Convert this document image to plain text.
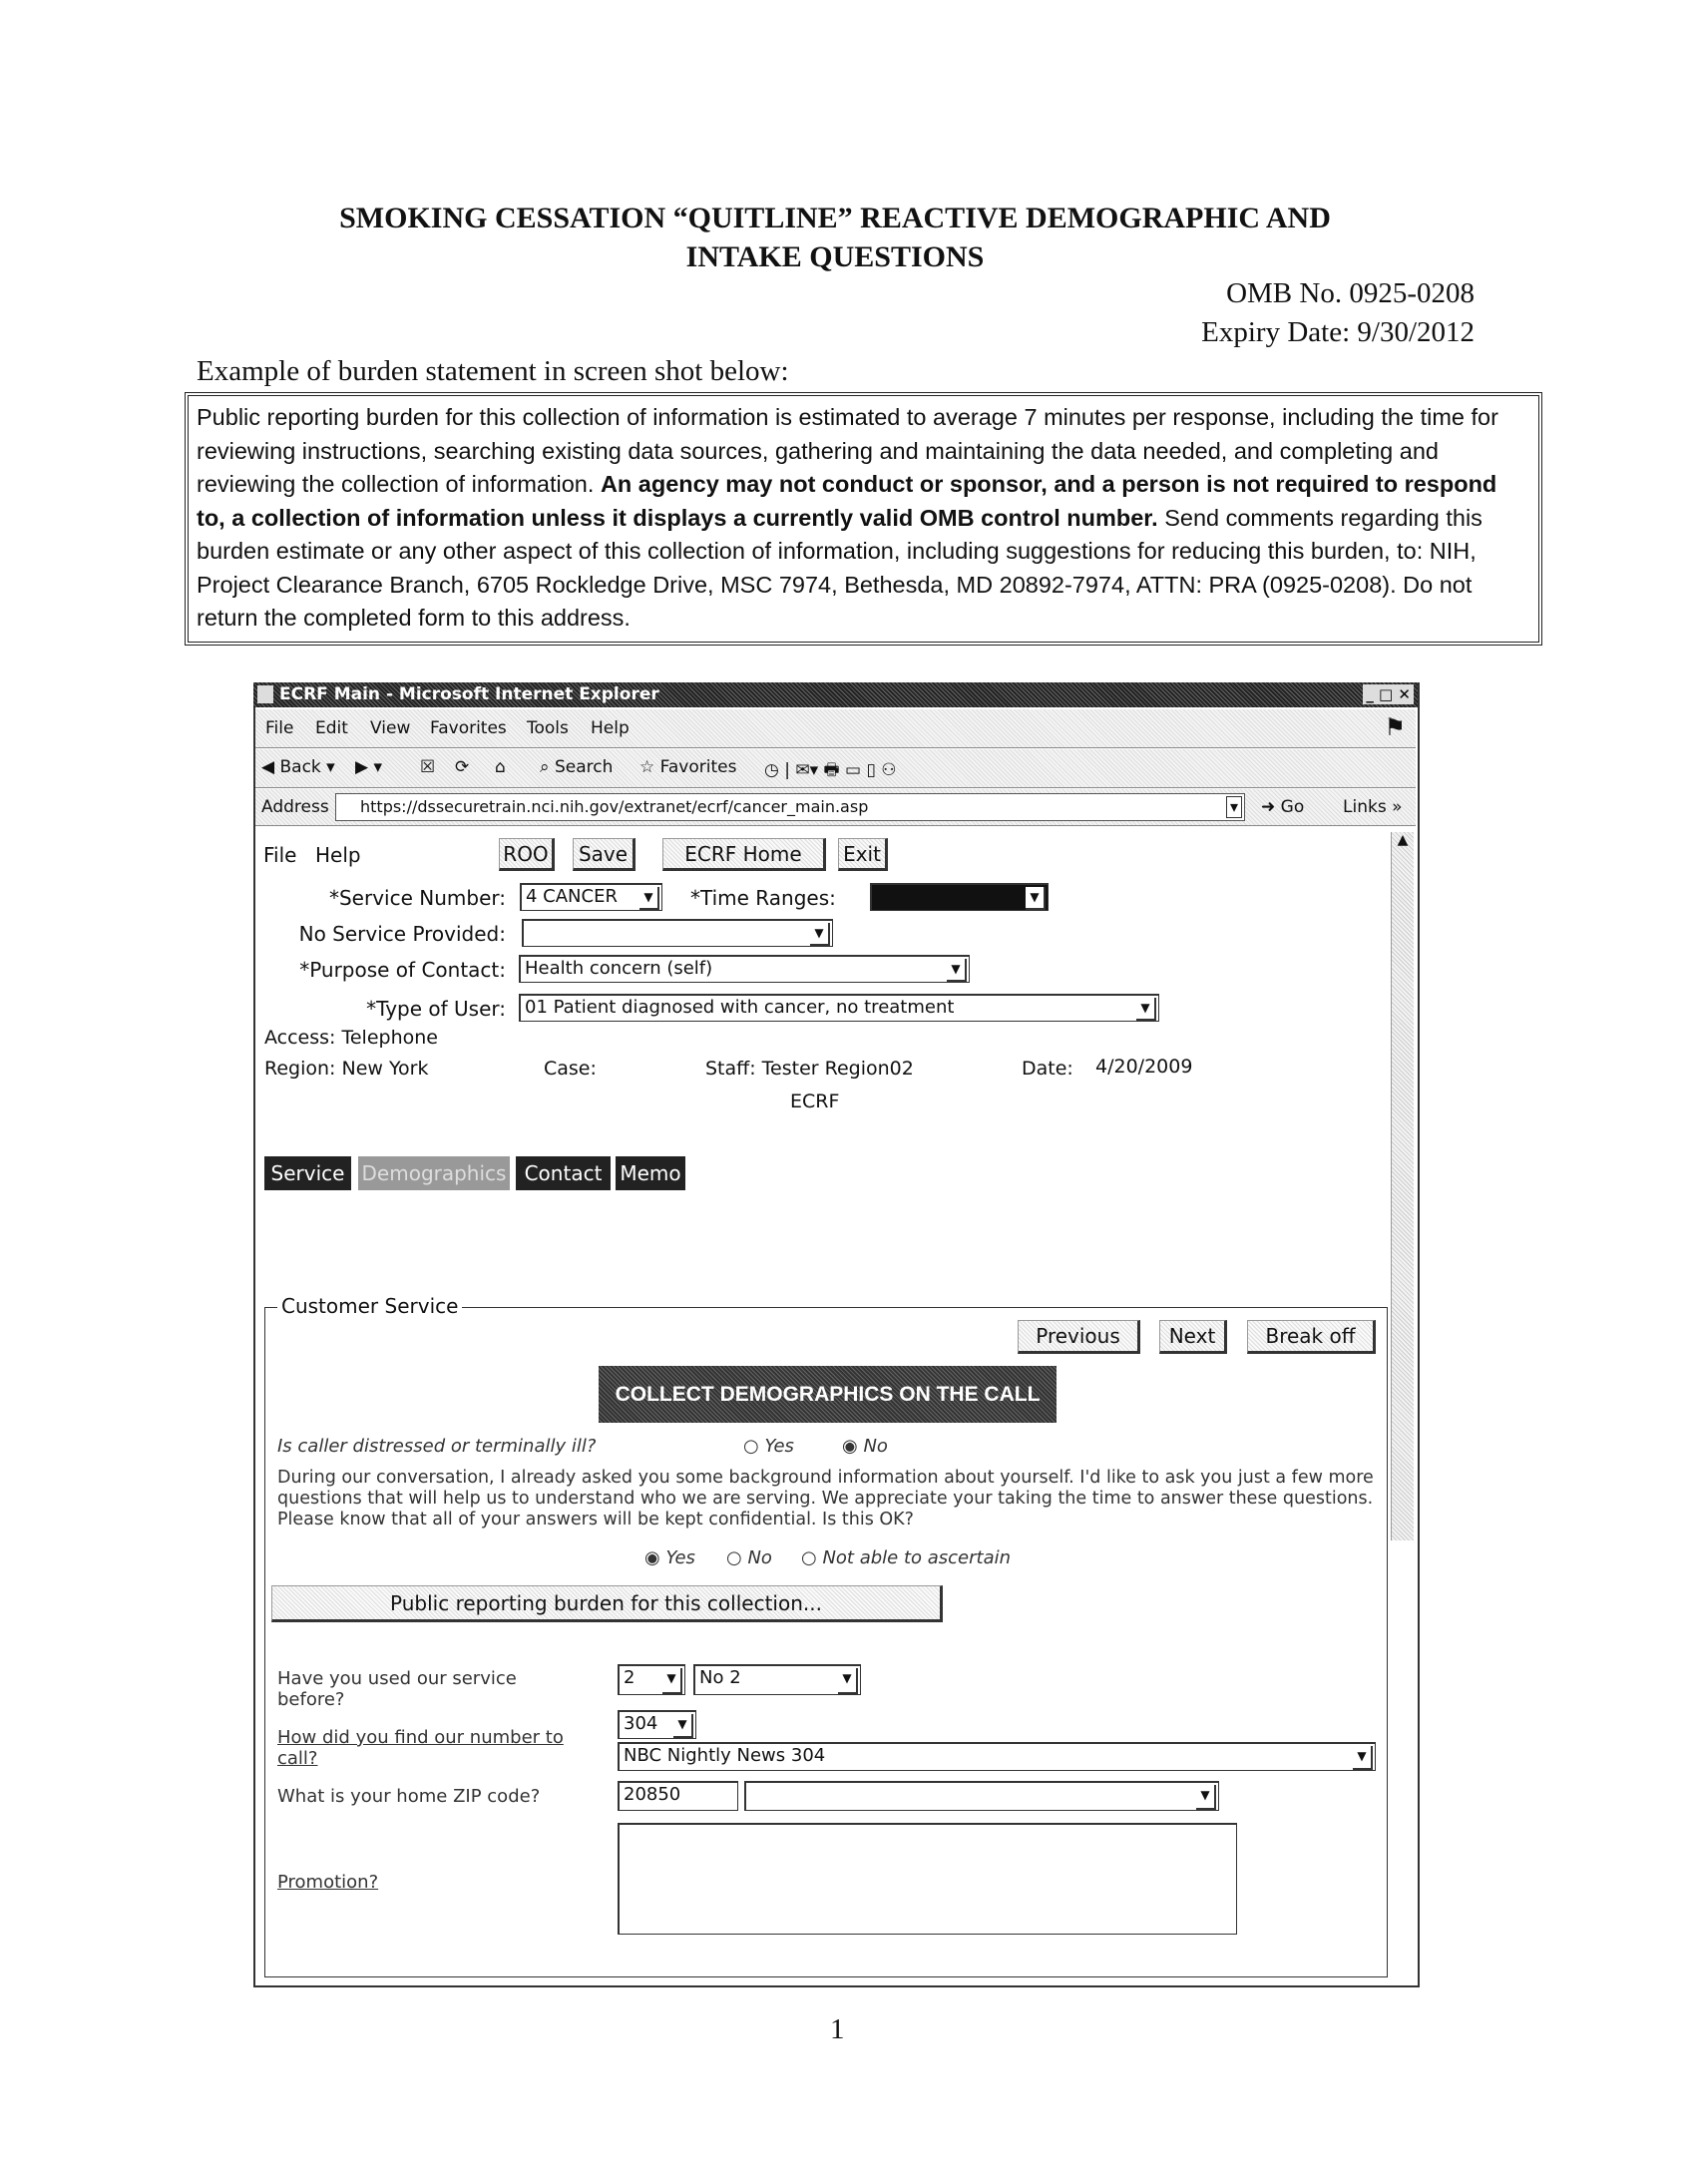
SMOKING CESSATION “QUITLINE” REACTIVE DEMOGRAPHIC AND
INTAKE QUESTIONS
OMB No. 0925-0208
Expiry Date: 9/30/2012
Example of burden statement in screen shot below:
Public reporting burden for this collection of information is estimated to average 7 minutes per response, including the time for reviewing instructions, searching existing data sources, gathering and maintaining the data needed, and completing and reviewing the collection of information. An agency may not conduct or sponsor, and a person is not required to respond to, a collection of information unless it displays a currently valid OMB control number. Send comments regarding this burden estimate or any other aspect of this collection of information, including suggestions for reducing this burden, to: NIH, Project Clearance Branch, 6705 Rockledge Drive, MSC 7974, Bethesda, MD 20892-7974, ATTN: PRA (0925-0208). Do not return the completed form to this address.
ECRF Main - Microsoft Internet Explorer	_ □ ✕
File Edit View Favorites Tools Help	⚑
◀ Back ▾ ▶ ▾ ☒ ⟳ ⌂ ⌕ Search ☆ Favorites ◷ | ✉▾ 🖶 ▭ ▯ ⚇
Address	https://dssecuretrain.nci.nih.gov/extranet/ecrf/cancer_main.asp	▾ ➜ Go Links »
▲
File Help	ROO	Save	ECRF Home	Exit
*Service Number:	4 CANCER	▼	*Time Ranges:	▼
No Service Provided:	▼
*Purpose of Contact:	Health concern (self)	▼
*Type of User:	01 Patient diagnosed with cancer, no treatment	▼
Access: Telephone
Region: New York	Case:	Staff: Tester Region02	Date: 4/20/2009
ECRF
Service Demographics Contact Memo
Customer Service
Previous	Next	Break off
COLLECT DEMOGRAPHICS ON THE CALL
Is caller distressed or terminally ill?	○ Yes	◉ No
During our conversation, I already asked you some background information about yourself. I'd like to ask you just a few more questions that will help us to understand who we are serving. We appreciate your taking the time to answer these questions. Please know that all of your answers will be kept confidential. Is this OK?
◉ Yes ○ No ○ Not able to ascertain
Public reporting burden for this collection...
Have you used our service before?
2	▼	No 2	▼
How did you find our number to call?
304	▼
NBC Nightly News 304	▼
What is your home ZIP code?	20850	▼
Promotion?
1
